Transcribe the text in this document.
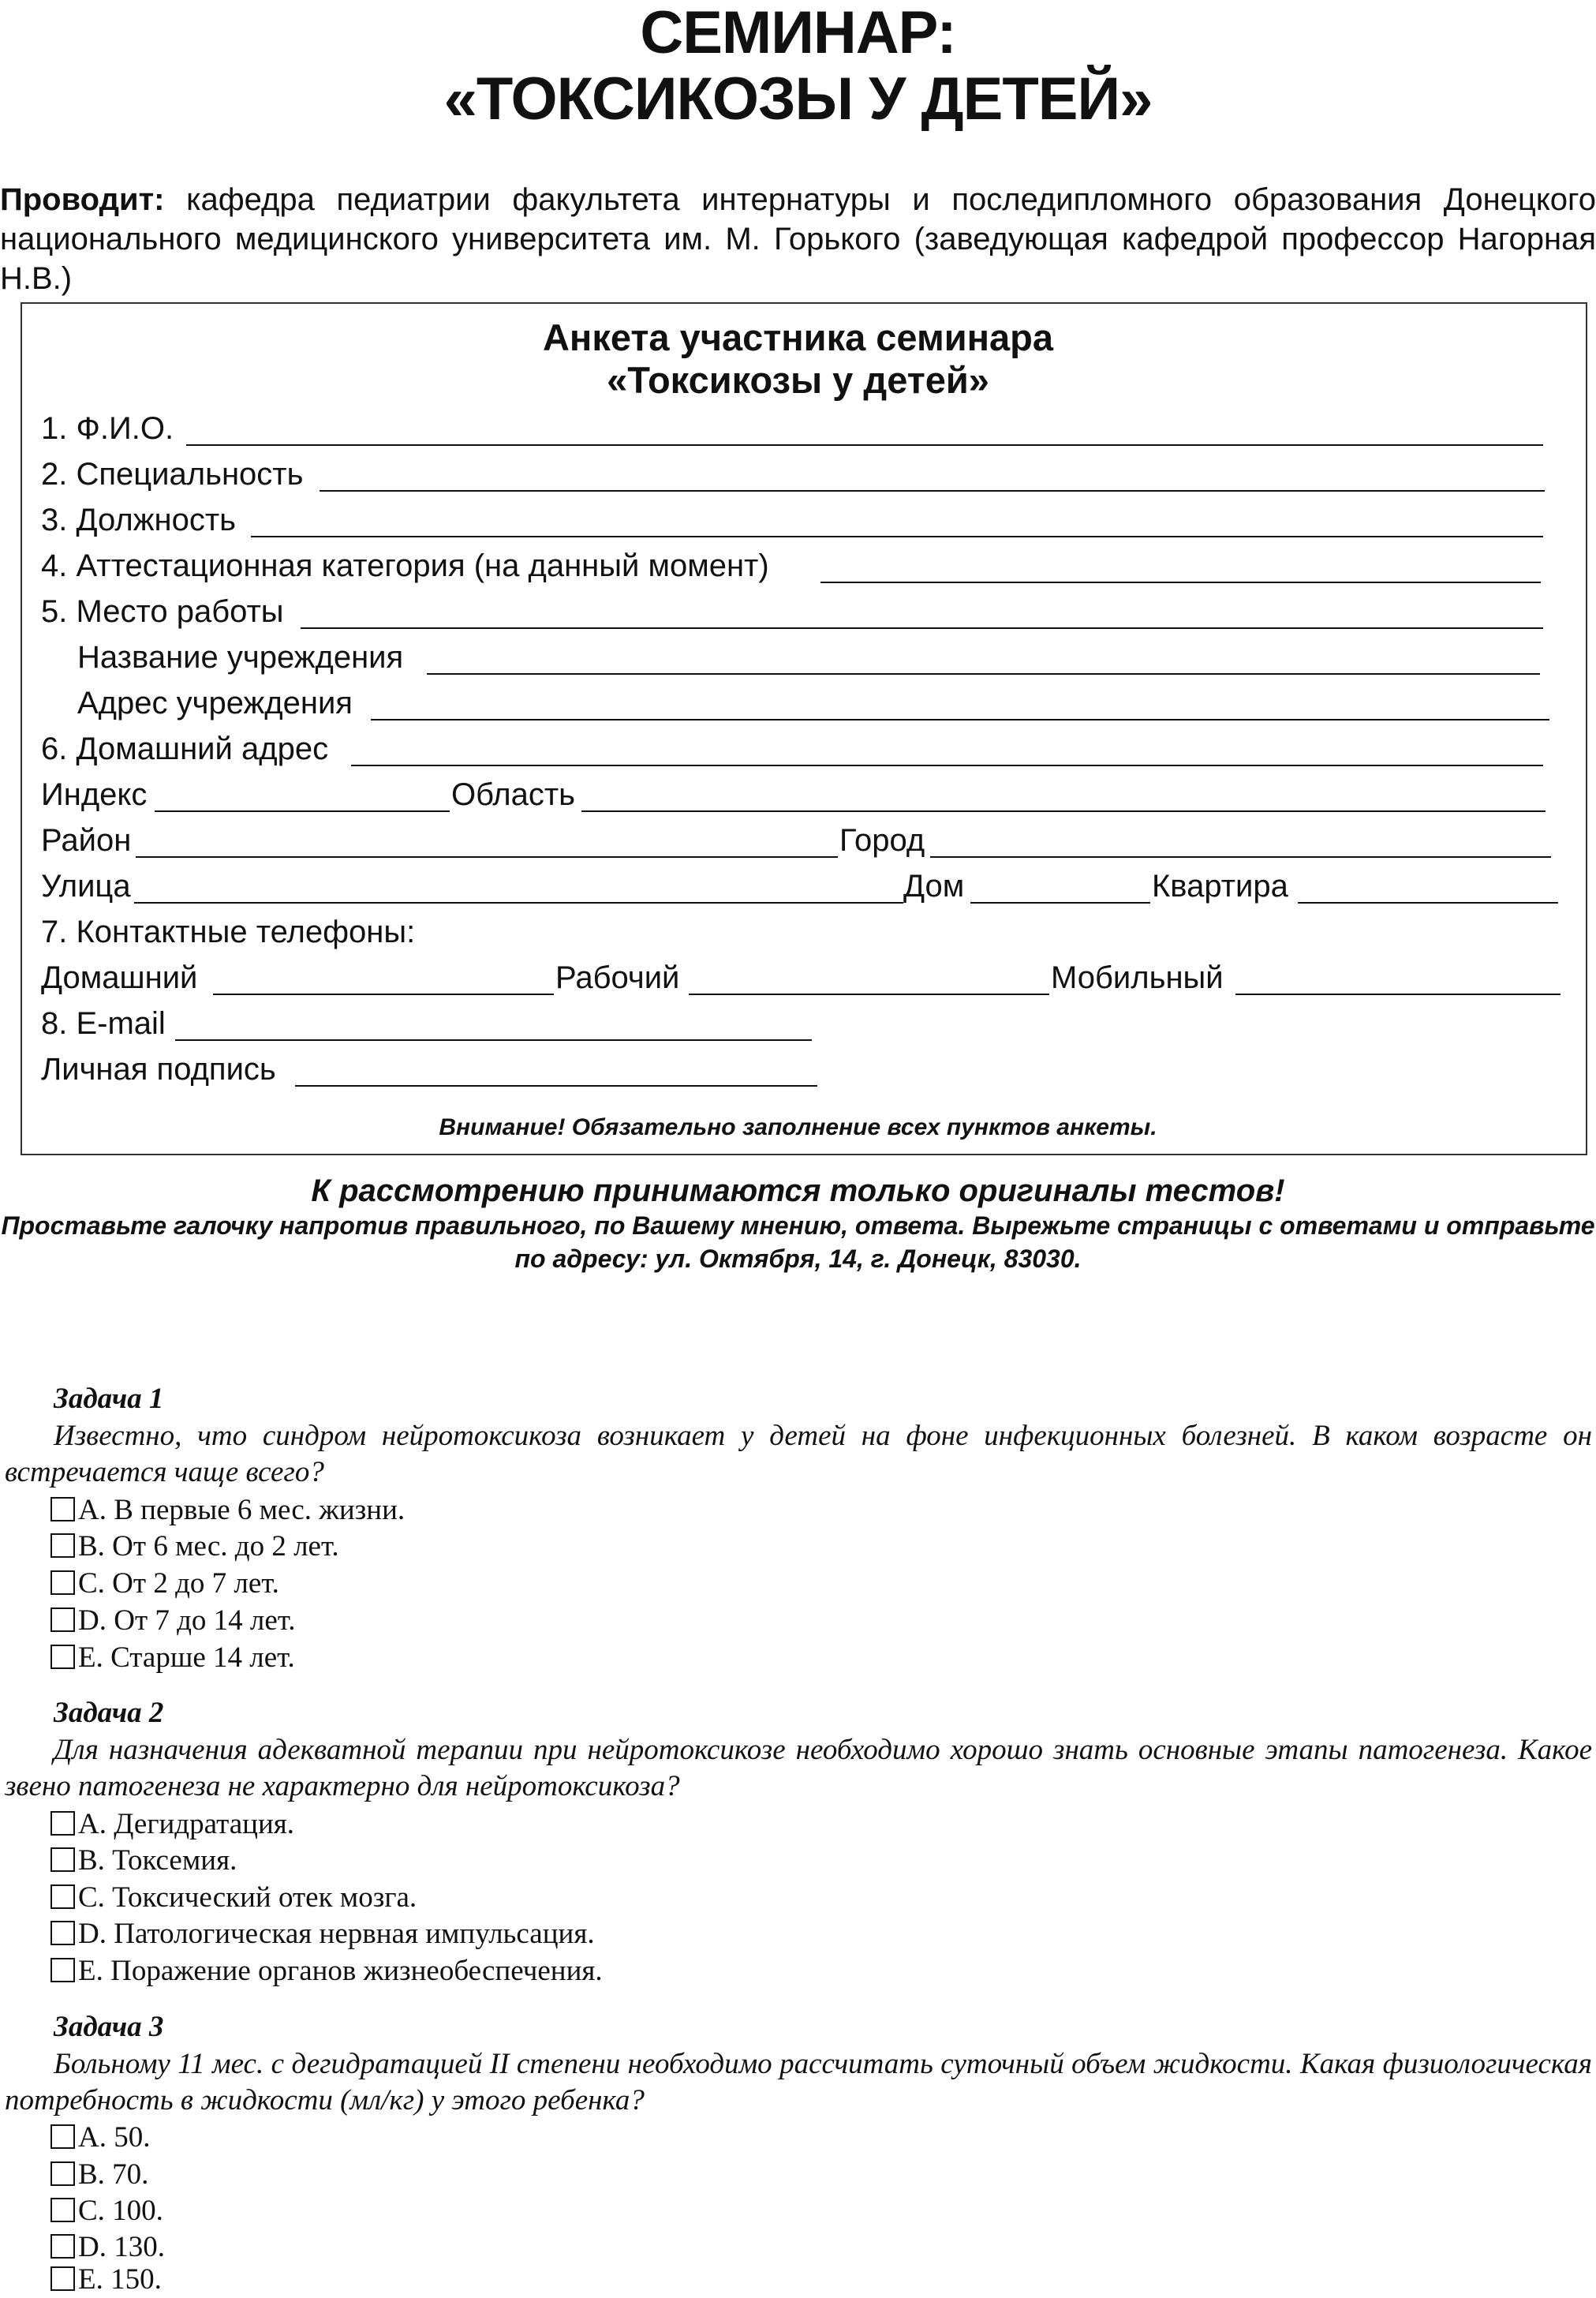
СЕМИНАР:
«ТОКСИКОЗЫ У ДЕТЕЙ»
Проводит: кафедра педиатрии факультета интернатуры и последипломного образования Донецкого национального медицинского университета им. М. Горького (заведующая кафедрой профессор Нагорная Н.В.)
Анкета участника семинара
«Токсикозы у детей»
1. Ф.И.О.
2. Специальность
3. Должность
4. Аттестационная категория (на данный момент)
5. Место работы
Название учреждения
Адрес учреждения
6. Домашний адрес
Индекс	Область
Район	Город
Улица	Дом	Квартира
7. Контактные телефоны:
Домашний	Рабочий	Мобильный
8. E-mail
Личная подпись
Внимание! Обязательно заполнение всех пунктов анкеты.
К рассмотрению принимаются только оригиналы тестов!
Проставьте галочку напротив правильного, по Вашему мнению, ответа. Вырежьте страницы с ответами и отправьте
по адресу: ул. Октября, 14, г. Донецк, 83030.
Задача 1
Известно, что синдром нейротоксикоза возникает у детей на фоне инфекционных болезней. В каком возрасте он встречается чаще всего?
A. В первые 6 мес. жизни.
B. От 6 мес. до 2 лет.
C. От 2 до 7 лет.
D. От 7 до 14 лет.
E. Старше 14 лет.
Задача 2
Для назначения адекватной терапии при нейротоксикозе необходимо хорошо знать основные этапы патогенеза. Какое звено патогенеза не характерно для нейротоксикоза?
A. Дегидратация.
B. Токсемия.
C. Токсический отек мозга.
D. Патологическая нервная импульсация.
E. Поражение органов жизнеобеспечения.
Задача 3
Больному 11 мес. с дегидратацией II степени необходимо рассчитать суточный объем жидкости. Какая физиологическая потребность в жидкости (мл/кг) у этого ребенка?
A. 50.
B. 70.
C. 100.
D. 130.
E. 150.
